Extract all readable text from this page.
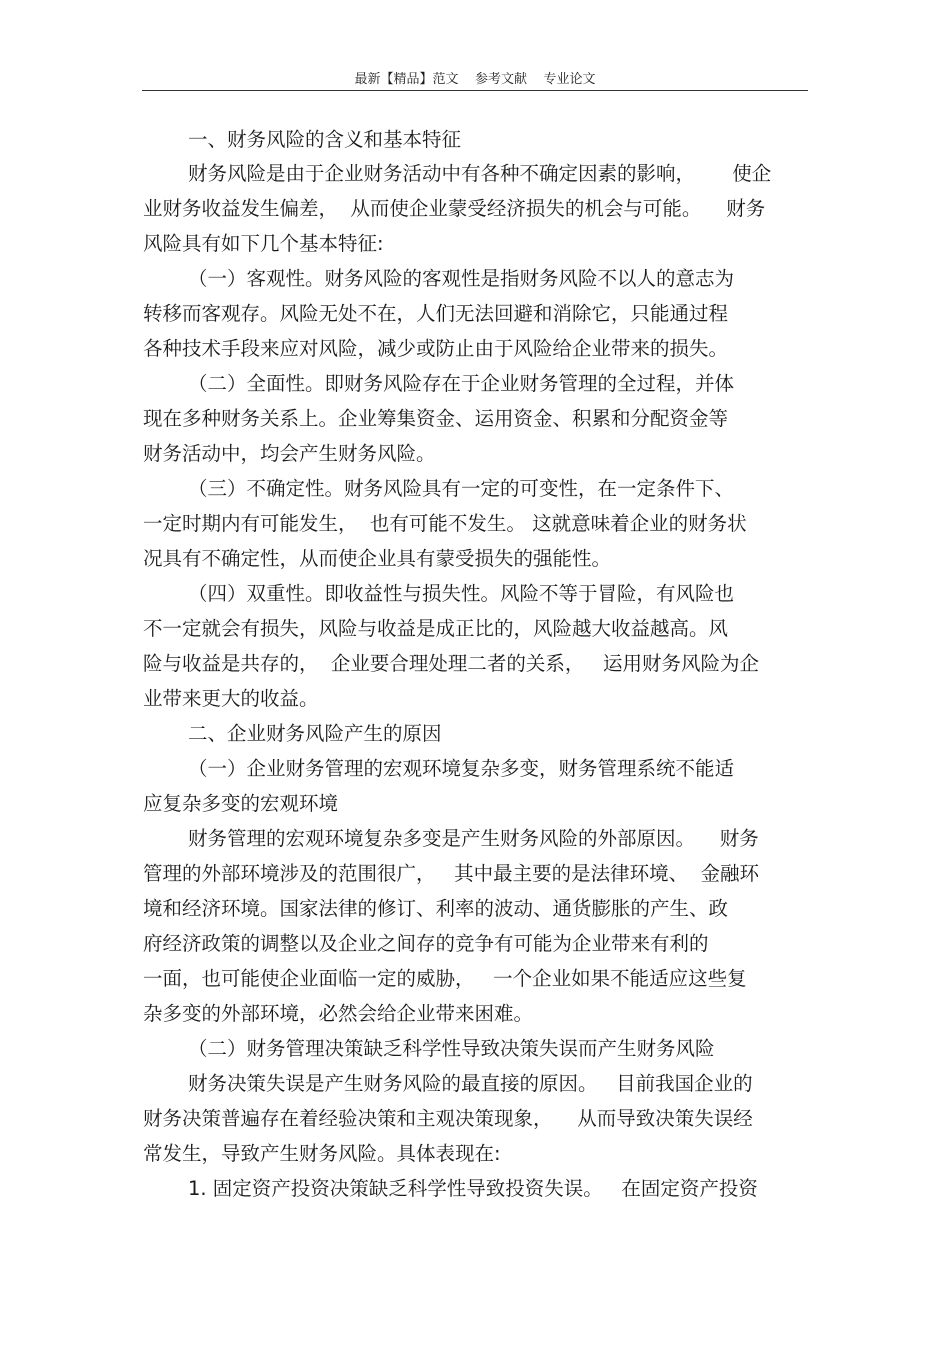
最新【精品】范文    参考文献    专业论文
一、财务风险的含义和基本特征
财务风险是由于企业财务活动中有各种不确定因素的影响，      使企
业财务收益发生偏差，  从而使企业蒙受经济损失的机会与可能。    财务
风险具有如下几个基本特征:
（一）客观性。财务风险的客观性是指财务风险不以人的意志为
转移而客观存。风险无处不在，人们无法回避和消除它，只能通过程
各种技术手段来应对风险，减少或防止由于风险给企业带来的损失。
（二）全面性。即财务风险存在于企业财务管理的全过程，并体
现在多种财务关系上。企业筹集资金、运用资金、积累和分配资金等
财务活动中，均会产生财务风险。
（三）不确定性。财务风险具有一定的可变性，在一定条件下、
一定时期内有可能发生，  也有可能不发生。 这就意味着企业的财务状
况具有不确定性，从而使企业具有蒙受损失的强能性。
（四）双重性。即收益性与损失性。风险不等于冒险，有风险也
不一定就会有损失，风险与收益是成正比的，风险越大收益越高。风
险与收益是共存的，  企业要合理处理二者的关系，   运用财务风险为企
业带来更大的收益。
二、企业财务风险产生的原因
（一）企业财务管理的宏观环境复杂多变，财务管理系统不能适
应复杂多变的宏观环境
财务管理的宏观环境复杂多变是产生财务风险的外部原因。    财务
管理的外部环境涉及的范围很广，   其中最主要的是法律环境、  金融环
境和经济环境。国家法律的修订、利率的波动、通货膨胀的产生、政
府经济政策的调整以及企业之间存的竞争有可能为企业带来有利的
一面，也可能使企业面临一定的威胁，   一个企业如果不能适应这些复
杂多变的外部环境，必然会给企业带来困难。
（二）财务管理决策缺乏科学性导致决策失误而产生财务风险
财务决策失误是产生财务风险的最直接的原因。   目前我国企业的
财务决策普遍存在着经验决策和主观决策现象，    从而导致决策失误经
常发生，导致产生财务风险。具体表现在:
1. 固定资产投资决策缺乏科学性导致投资失误。   在固定资产投资
